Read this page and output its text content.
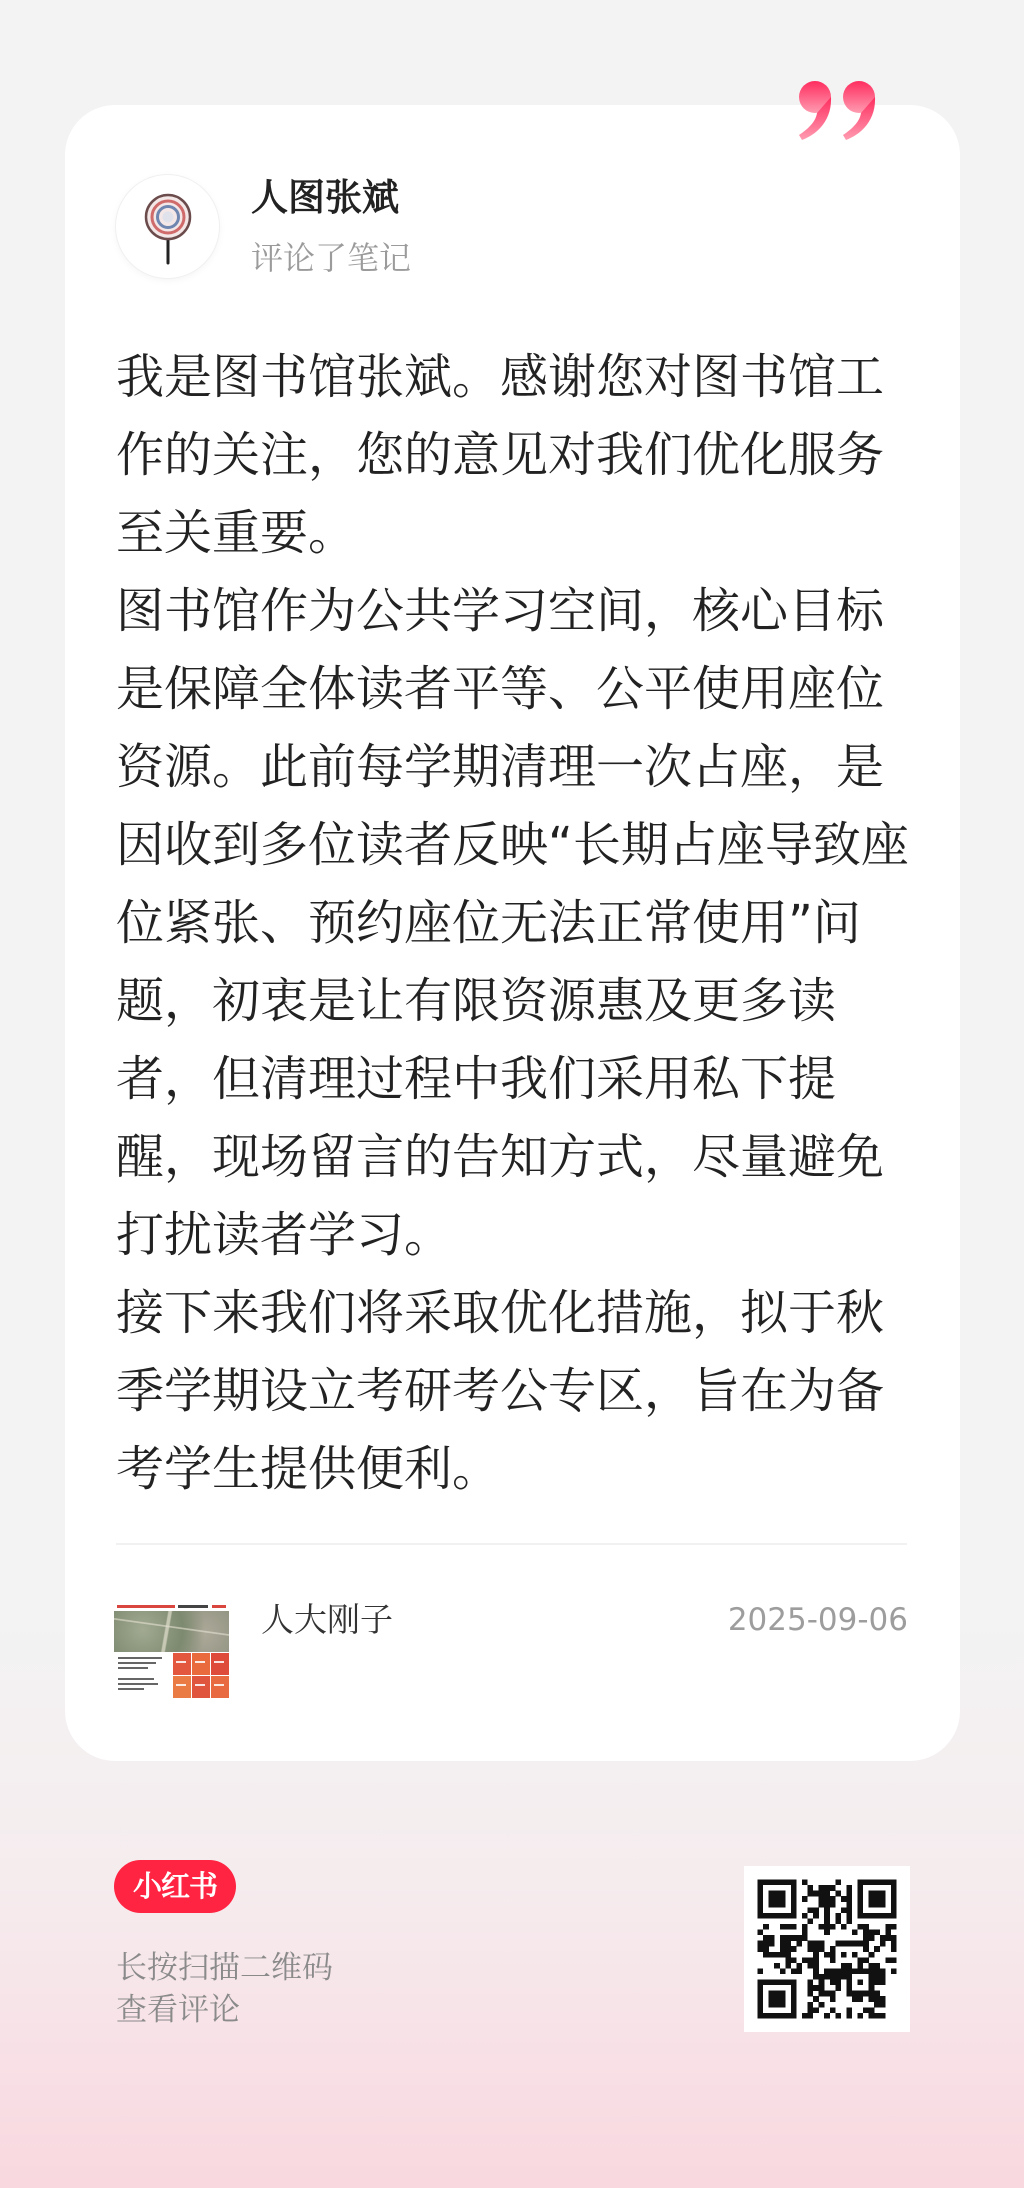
人图张斌
评论了笔记
我是图书馆张斌。感谢您对图书馆工
作的关注，您的意见对我们优化服务
至关重要。
图书馆作为公共学习空间，核心目标
是保障全体读者平等、公平使用座位
资源。此前每学期清理一次占座，是
因收到多位读者反映“长期占座导致座
位紧张、预约座位无法正常使用”问
题，初衷是让有限资源惠及更多读
者，但清理过程中我们采用私下提
醒，现场留言的告知方式，尽量避免
打扰读者学习。
接下来我们将采取优化措施，拟于秋
季学期设立考研考公专区，旨在为备
考学生提供便利。
人大刚子	2025-09-06
小红书
长按扫描二维码
查看评论
